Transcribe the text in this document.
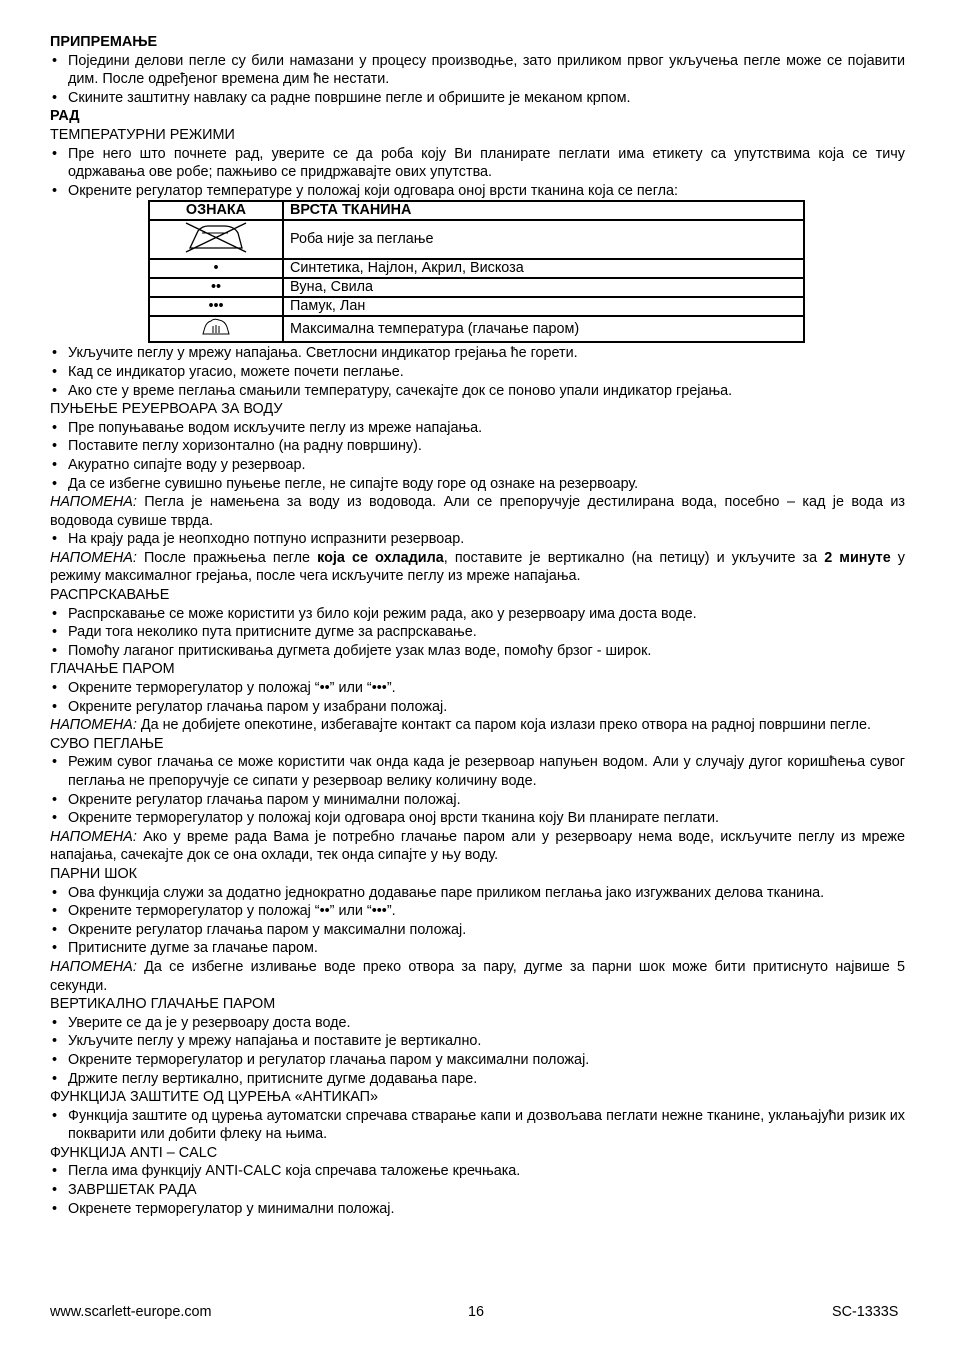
ПРИПРЕМАЊЕ
• Поједини делови пегле су били намазани у процесу производње, зато приликом првог укључења пегле може се појавити дим. После одређеног времена дим ће нестати.
• Скините заштитну навлаку са радне површине пегле и обришите је меканом крпом.
РАД
ТЕМПЕРАТУРНИ РЕЖИМИ
• Пре него што почнете рад, уверите се да роба коју Ви планирате пеглати има етикету са упутствима која се тичу одржавања ове робе; пажњиво се придржавајте ових упутства.
• Окрените регулатор температуре у положај који одговара оној врсти тканина која се пегла:
ОЗНАКА	ВРСТА ТКАНИНА
	Роба није за пеглање
•	Синтетика, Најлон, Акрил, Вискоза
••	Вуна, Свила
•••	Памук, Лан
	Максимална температура (глачање паром)
• Укључите пеглу у мрежу напајања. Светлосни индикатор грејања ће горети.
• Кад се индикатор угасио, можете почети пеглање.
• Ако сте у време пеглања смањили температуру, сачекајте док се поново упали индикатор грејања.
ПУЊЕЊЕ РЕУЕРВОАРА ЗА ВОДУ
• Пре попуњавање водом искључите пеглу из мреже напајања.
• Поставите пеглу хоризонтално (на радну површину).
• Акуратно сипајте воду у резервоар.
• Да се избегне сувишно пуњење пегле, не сипајте воду горе од ознаке на резервоару.
НАПОМЕНА: Пегла је намењена за воду из водовода. Али се препоручује дестилирана вода, посебно – кад је вода из водовода сувише тврда.
• На крају рада је неопходно потпуно испразнити резервоар.
НАПОМЕНА: После пражњења пегле која се охладила, поставите је вертикално (на петицу) и укључите за 2 минуте у режиму максималног грејања, после чега искључите пеглу из мреже напајања.
РАСПРСКАВАЊЕ
• Распрскавање се може користити уз било који режим рада, ако у резервоару има доста воде.
• Ради тога неколико пута притисните дугме за распрскавање.
• Помоћу лаганог притискивања дугмета добијете узак млаз воде, помоћу брзог - широк.
ГЛАЧАЊЕ ПАРОМ
• Окрените терморегулатор у положај “••” или “•••”.
• Окрените регулатор глачања паром у изабрани положај.
НАПОМЕНА: Да не добијете опекотине, избегавајте контакт са паром која излази преко отвора на радној површини пегле.
СУВО ПЕГЛАЊЕ
• Режим сувог глачања се може користити чак онда када је резервоар напуњен водом. Али у случају дугог коришћења сувог пеглања не препоручује се сипати у резервоар велику количину воде.
• Окрените регулатор глачања паром у минимални положај.
• Окрените терморегулатор у положај који одговара оној врсти тканина коју Ви планирате пеглати.
НАПОМЕНА: Ако у време рада Вама је потребно глачање паром али у резервоару нема воде, искључите пеглу из мреже напајања, сачекајте док се она охлади, тек онда сипајте у њу воду.
ПАРНИ ШОК
• Ова функција служи за додатно једнократно додавање паре приликом пеглања јако изгужваних делова тканина.
• Окрените терморегулатор у положај “••” или “•••”.
• Окрените регулатор глачања паром у максимални положај.
• Притисните дугме за глачање паром.
НАПОМЕНА: Да се избегне изливање воде преко отвора за пару, дугме за парни шок може бити притиснуто највише 5 секунди.
ВЕРТИКАЛНО ГЛАЧАЊЕ ПАРОМ
• Уверите се да је у резервоару доста воде.
• Укључите пеглу у мрежу напајања и поставите је вертикално.
• Окрените терморегулатор и регулатор глачања паром у максимални положај.
• Држите пеглу вертикално, притисните дугме додавања паре.
ФУНКЦИЈА ЗАШТИТЕ ОД ЦУРЕЊА «АНТИКАП»
• Функција заштите од цурења аутоматски спречава стварање капи и дозвољава пеглати нежне тканине, уклањајући ризик их покварити или добити флеку на њима.
ФУНКЦИЈА ANTI – CALC
• Пегла има функцију ANTI-CALC која спречава таложење кречњака.
• ЗАВРШЕТАК РАДА
• Окренете терморегулатор у минимални положај.
www.scarlett-europe.com	16	SC-1333S
